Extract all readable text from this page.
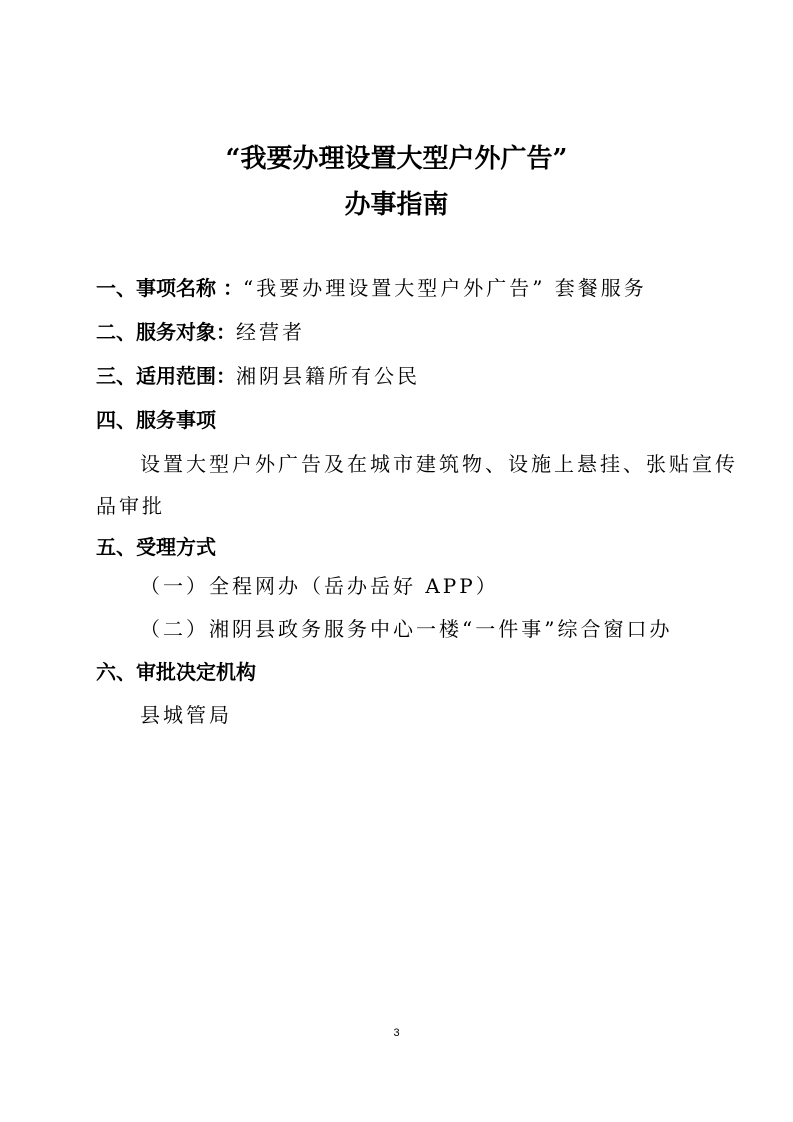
“我要办理设置大型户外广告”
办事指南
一、事项名称 ：“我要办理设置大型户外广告” 套餐服务
二、服务对象：经营者
三、适用范围：湘阴县籍所有公民
四、服务事项
设置大型户外广告及在城市建筑物、设施上悬挂、张贴宣传
品审批
五、受理方式
（一）全程网办（岳办岳好 APP）
（二）湘阴县政务服务中心一楼“一件事”综合窗口办
六、审批决定机构
县城管局
3
